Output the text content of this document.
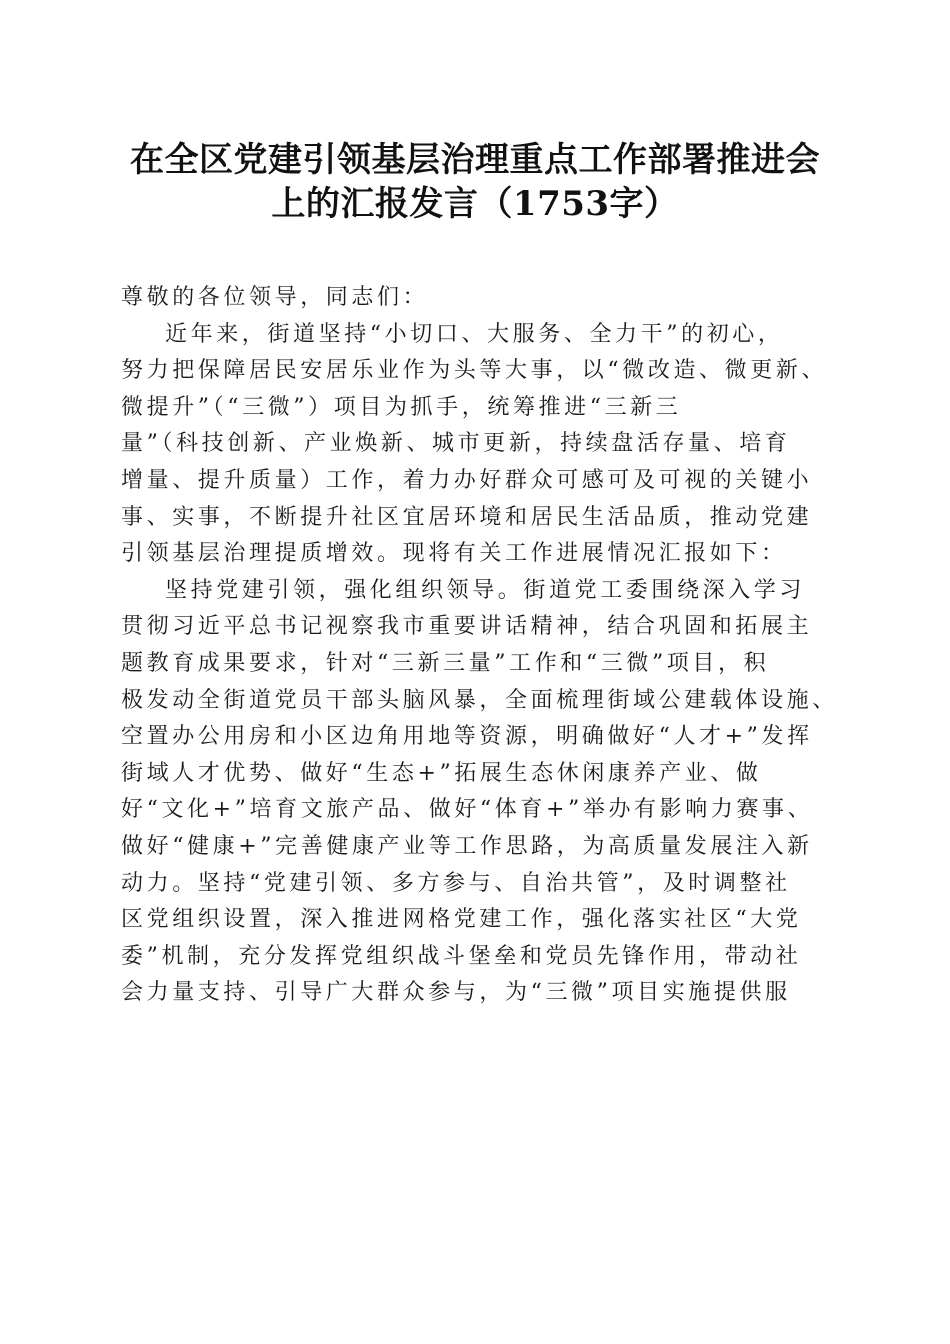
在全区党建引领基层治理重点工作部署推进会
上的汇报发言（1753字）
尊敬的各位领导，同志们：
近年来，街道坚持“小切口、大服务、全力干”的初心，
努力把保障居民安居乐业作为头等大事，以“微改造、微更新、
微提升”（“三微”）项目为抓手，统筹推进“三新三
量”（科技创新、产业焕新、城市更新，持续盘活存量、培育
增量、提升质量）工作，着力办好群众可感可及可视的关键小
事、实事，不断提升社区宜居环境和居民生活品质，推动党建
引领基层治理提质增效。现将有关工作进展情况汇报如下：
坚持党建引领，强化组织领导。街道党工委围绕深入学习
贯彻习近平总书记视察我市重要讲话精神，结合巩固和拓展主
题教育成果要求，针对“三新三量”工作和“三微”项目，积
极发动全街道党员干部头脑风暴，全面梳理街域公建载体设施、
空置办公用房和小区边角用地等资源，明确做好“人才+”发挥
街域人才优势、做好“生态+”拓展生态休闲康养产业、做
好“文化+”培育文旅产品、做好“体育+”举办有影响力赛事、
做好“健康+”完善健康产业等工作思路，为高质量发展注入新
动力。坚持“党建引领、多方参与、自治共管”，及时调整社
区党组织设置，深入推进网格党建工作，强化落实社区“大党
委”机制，充分发挥党组织战斗堡垒和党员先锋作用，带动社
会力量支持、引导广大群众参与，为“三微”项目实施提供服
